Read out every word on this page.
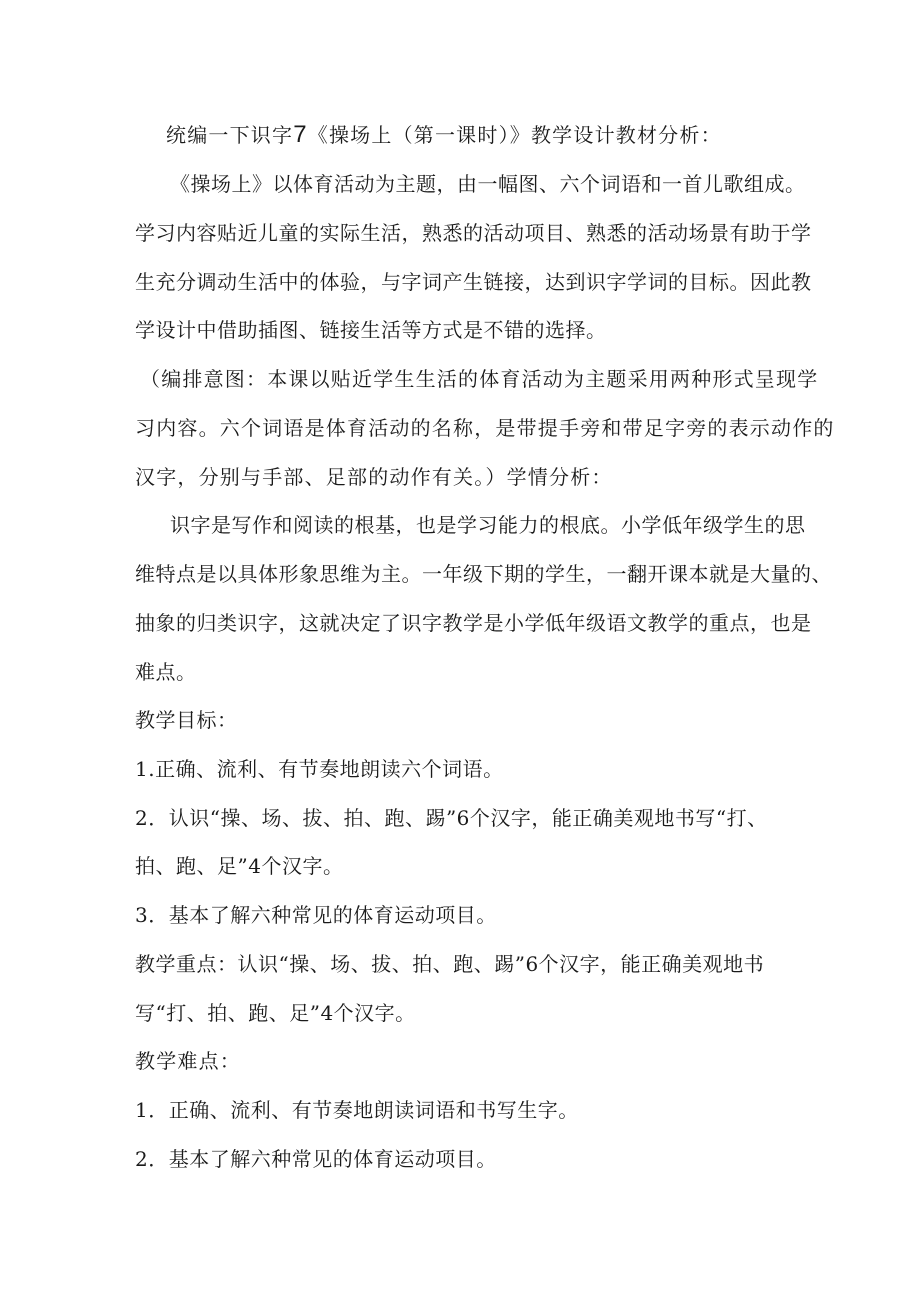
统编一下识字7《操场上（第一课时）》教学设计教材分析：
《操场上》以体育活动为主题，由一幅图、六个词语和一首儿歌组成。
学习内容贴近儿童的实际生活，熟悉的活动项目、熟悉的活动场景有助于学
生充分调动生活中的体验，与字词产生链接，达到识字学词的目标。因此教
学设计中借助插图、链接生活等方式是不错的选择。
（编排意图：本课以贴近学生生活的体育活动为主题采用两种形式呈现学
习内容。六个词语是体育活动的名称，是带提手旁和带足字旁的表示动作的
汉字，分别与手部、足部的动作有关。）学情分析：
识字是写作和阅读的根基，也是学习能力的根底。小学低年级学生的思
维特点是以具体形象思维为主。一年级下期的学生，一翻开课本就是大量的、
抽象的归类识字，这就决定了识字教学是小学低年级语文教学的重点，也是
难点。
教学目标：
1.正确、流利、有节奏地朗读六个词语。
2．认识“操、场、拔、拍、跑、踢”6个汉字，能正确美观地书写“打、
拍、跑、足”4个汉字。
3．基本了解六种常见的体育运动项目。
教学重点：认识“操、场、拔、拍、跑、踢”6个汉字，能正确美观地书
写“打、拍、跑、足”4个汉字。
教学难点：
1．正确、流利、有节奏地朗读词语和书写生字。
2．基本了解六种常见的体育运动项目。
